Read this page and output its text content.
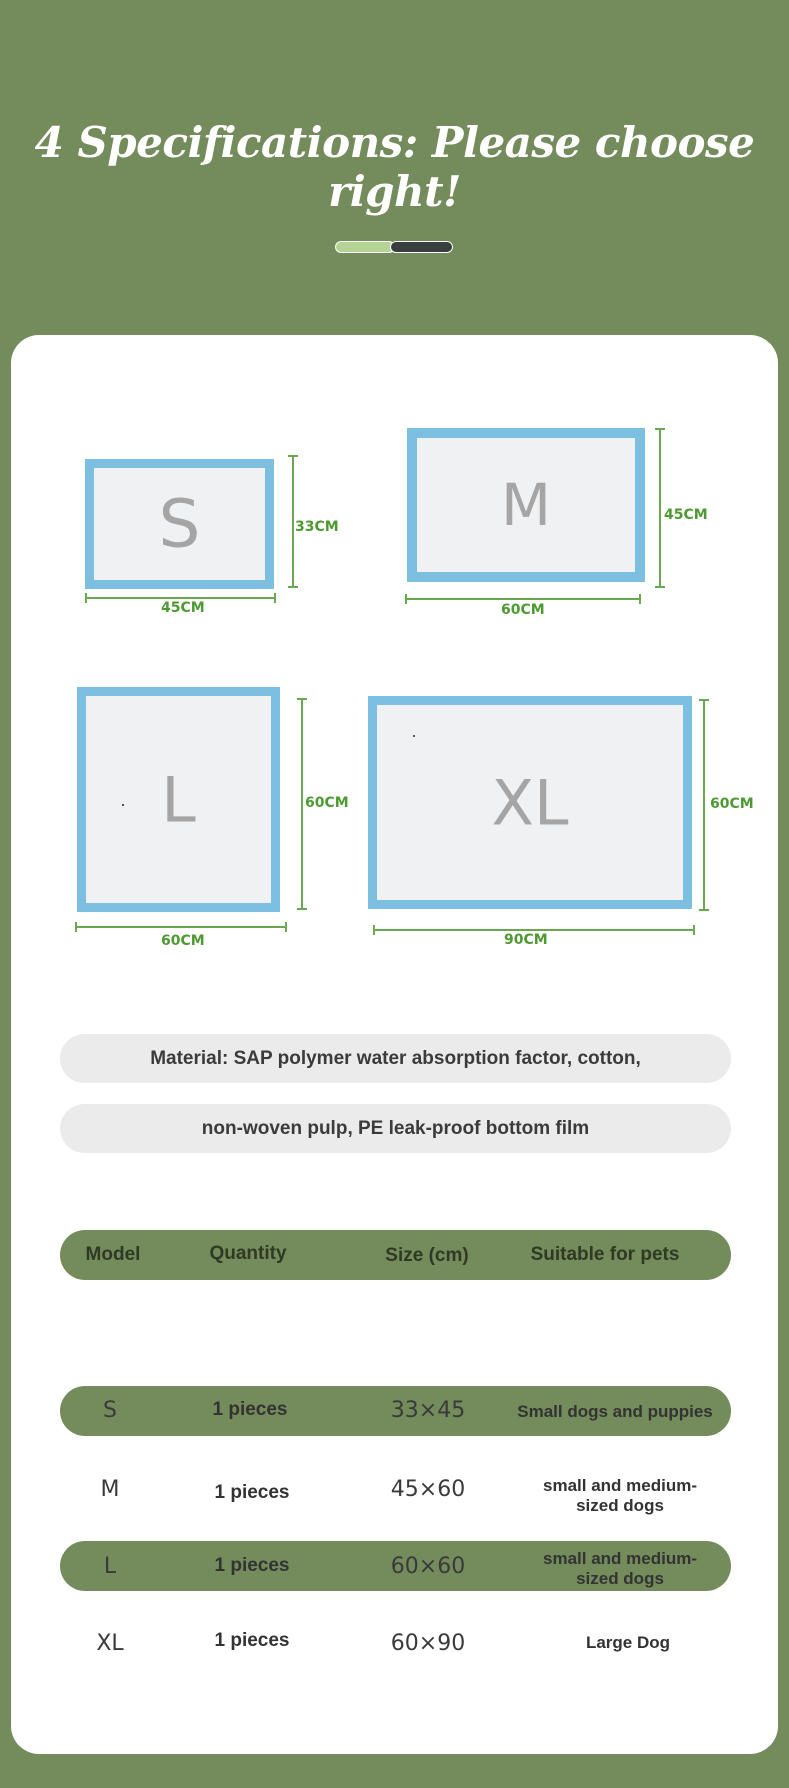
4 Specifications: Please choose right!
S	33CM
45CM
M	45CM
60CM
L	60CM
60CM
XL	60CM
90CM
Material: SAP polymer water absorption factor, cotton,
non-woven pulp, PE leak-proof bottom film
Model	Quantity	Size (cm)	Suitable for pets
S	1 pieces	33×45	Small dogs and puppies
M	1 pieces	45×60	small and medium-sized dogs
L	1 pieces	60×60	small and medium-sized dogs
XL	1 pieces	60×90	Large Dog
